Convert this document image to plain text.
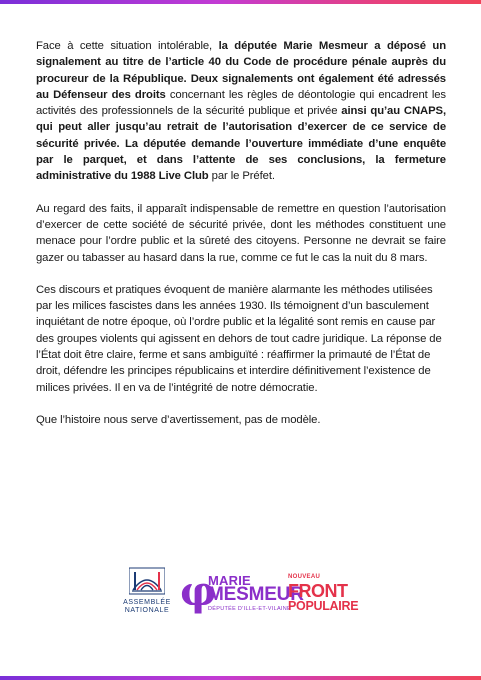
Face à cette situation intolérable, la députée Marie Mesmeur a déposé un signalement au titre de l’article 40 du Code de procédure pénale auprès du procureur de la République. Deux signalements ont également été adressés au Défenseur des droits concernant les règles de déontologie qui encadrent les activités des professionnels de la sécurité publique et privée ainsi qu’au CNAPS, qui peut aller jusqu’au retrait de l’autorisation d’exercer de ce service de sécurité privée. La députée demande l’ouverture immédiate d’une enquête par le parquet, et dans l’attente de ses conclusions, la fermeture administrative du 1988 Live Club par le Préfet.

Au regard des faits, il apparaît indispensable de remettre en question l’autorisation d’exercer de cette société de sécurité privée, dont les méthodes constituent une menace pour l’ordre public et la sûreté des citoyens. Personne ne devrait se faire gazer ou tabasser au hasard dans la rue, comme ce fut le cas la nuit du 8 mars.

Ces discours et pratiques évoquent de manière alarmante les méthodes utilisées par les milices fascistes dans les années 1930. Ils témoignent d’un basculement inquiétant de notre époque, où l’ordre public et la légalité sont remis en cause par des groupes violents qui agissent en dehors de tout cadre juridique. La réponse de l’État doit être claire, ferme et sans ambiguïté : réaffirmer la primauté de l’État de droit, défendre les principes républicains et interdire définitivement l’existence de milices privées. Il en va de l’intégrité de notre démocratie.

Que l’histoire nous serve d’avertissement, pas de modèle.

ASSEMBLÉE
NATIONALE φ
MARIE
MESMEUR
DÉPUTÉE D’ILLE-ET-VILAINE
NOUVEAU
FRONT
POPULAIRE
